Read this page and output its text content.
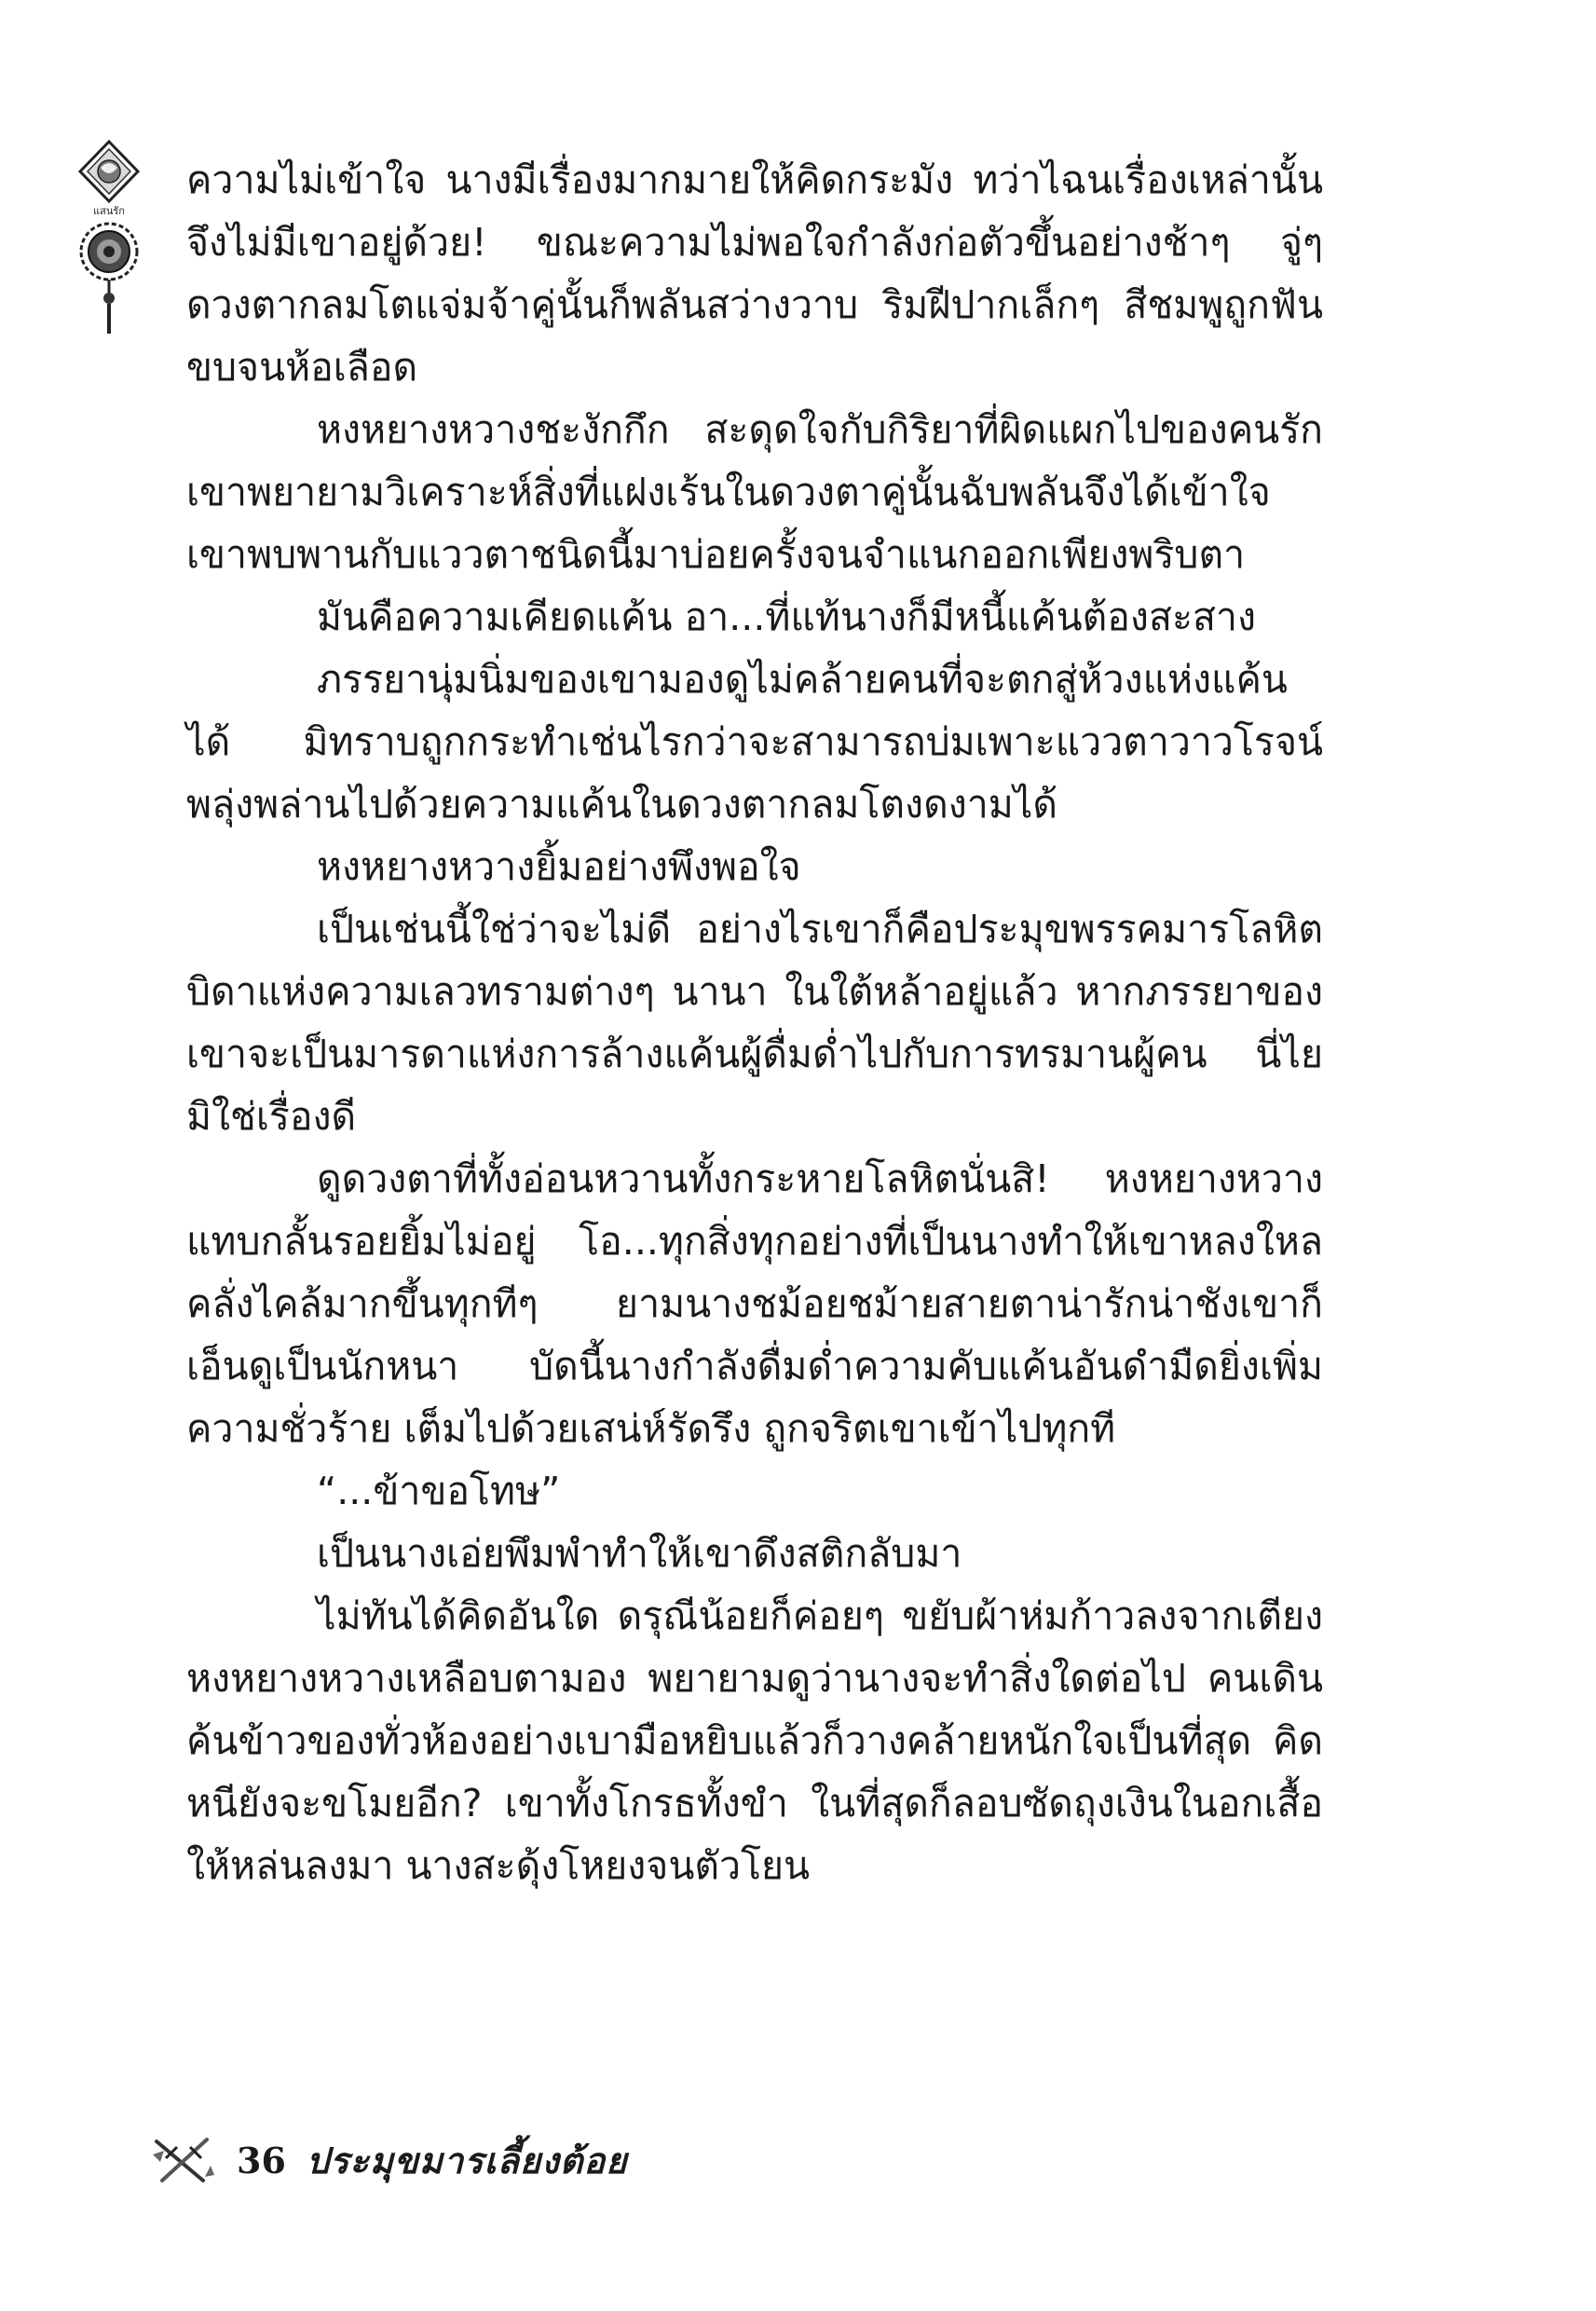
แสนรัก

ความไม่เข้าใจ นางมีเรื่องมากมายให้คิดกระมัง ทว่าไฉนเรื่องเหล่านั้นจึงไม่มีเขาอยู่ด้วย! ขณะความไม่พอใจกำลังก่อตัวขึ้นอย่างช้าๆ จู่ๆ ดวงตากลมโตแจ่มจ้าคู่นั้นก็พลันสว่างวาบ ริมฝีปากเล็กๆ สีชมพูถูกฟันขบจนห้อเลือด

หงหยางหวางชะงักกึก สะดุดใจกับกิริยาที่ผิดแผกไปของคนรัก เขาพยายามวิเคราะห์สิ่งที่แฝงเร้นในดวงตาคู่นั้นฉับพลันจึงได้เข้าใจ เขาพบพานกับแววตาชนิดนี้มาบ่อยครั้งจนจำแนกออกเพียงพริบตา

มันคือความเคียดแค้น อา...ที่แท้นางก็มีหนี้แค้นต้องสะสาง

ภรรยานุ่มนิ่มของเขามองดูไม่คล้ายคนที่จะตกสู่ห้วงแห่งแค้นได้ มิทราบถูกกระทำเช่นไรกว่าจะสามารถบ่มเพาะแววตาวาวโรจน์พลุ่งพล่านไปด้วยความแค้นในดวงตากลมโตงดงามได้

หงหยางหวางยิ้มอย่างพึงพอใจ

เป็นเช่นนี้ใช่ว่าจะไม่ดี อย่างไรเขาก็คือประมุขพรรคมารโลหิต บิดาแห่งความเลวทรามต่างๆ นานา ในใต้หล้าอยู่แล้ว หากภรรยาของเขาจะเป็นมารดาแห่งการล้างแค้นผู้ดื่มด่ำไปกับการทรมานผู้คน นี่ไยมิใช่เรื่องดี

ดูดวงตาที่ทั้งอ่อนหวานทั้งกระหายโลหิตนั่นสิ! หงหยางหวางแทบกลั้นรอยยิ้มไม่อยู่ โอ...ทุกสิ่งทุกอย่างที่เป็นนางทำให้เขาหลงใหลคลั่งไคล้มากขึ้นทุกทีๆ ยามนางชม้อยชม้ายสายตาน่ารักน่าชังเขาก็เอ็นดูเป็นนักหนา บัดนี้นางกำลังดื่มด่ำความคับแค้นอันดำมืดยิ่งเพิ่มความชั่วร้าย เต็มไปด้วยเสน่ห์รัดรึง ถูกจริตเขาเข้าไปทุกที

“...ข้าขอโทษ”

เป็นนางเอ่ยพึมพำทำให้เขาดึงสติกลับมา

ไม่ทันได้คิดอันใด ดรุณีน้อยก็ค่อยๆ ขยับผ้าห่มก้าวลงจากเตียง หงหยางหวางเหลือบตามอง พยายามดูว่านางจะทำสิ่งใดต่อไป คนเดินค้นข้าวของทั่วห้องอย่างเบามือหยิบแล้วก็วางคล้ายหนักใจเป็นที่สุด คิดหนียังจะขโมยอีก? เขาทั้งโกรธทั้งขำ ในที่สุดก็ลอบซัดถุงเงินในอกเสื้อให้หล่นลงมา นางสะดุ้งโหยงจนตัวโยน

36 ประมุขมารเลี้ยงต้อย
